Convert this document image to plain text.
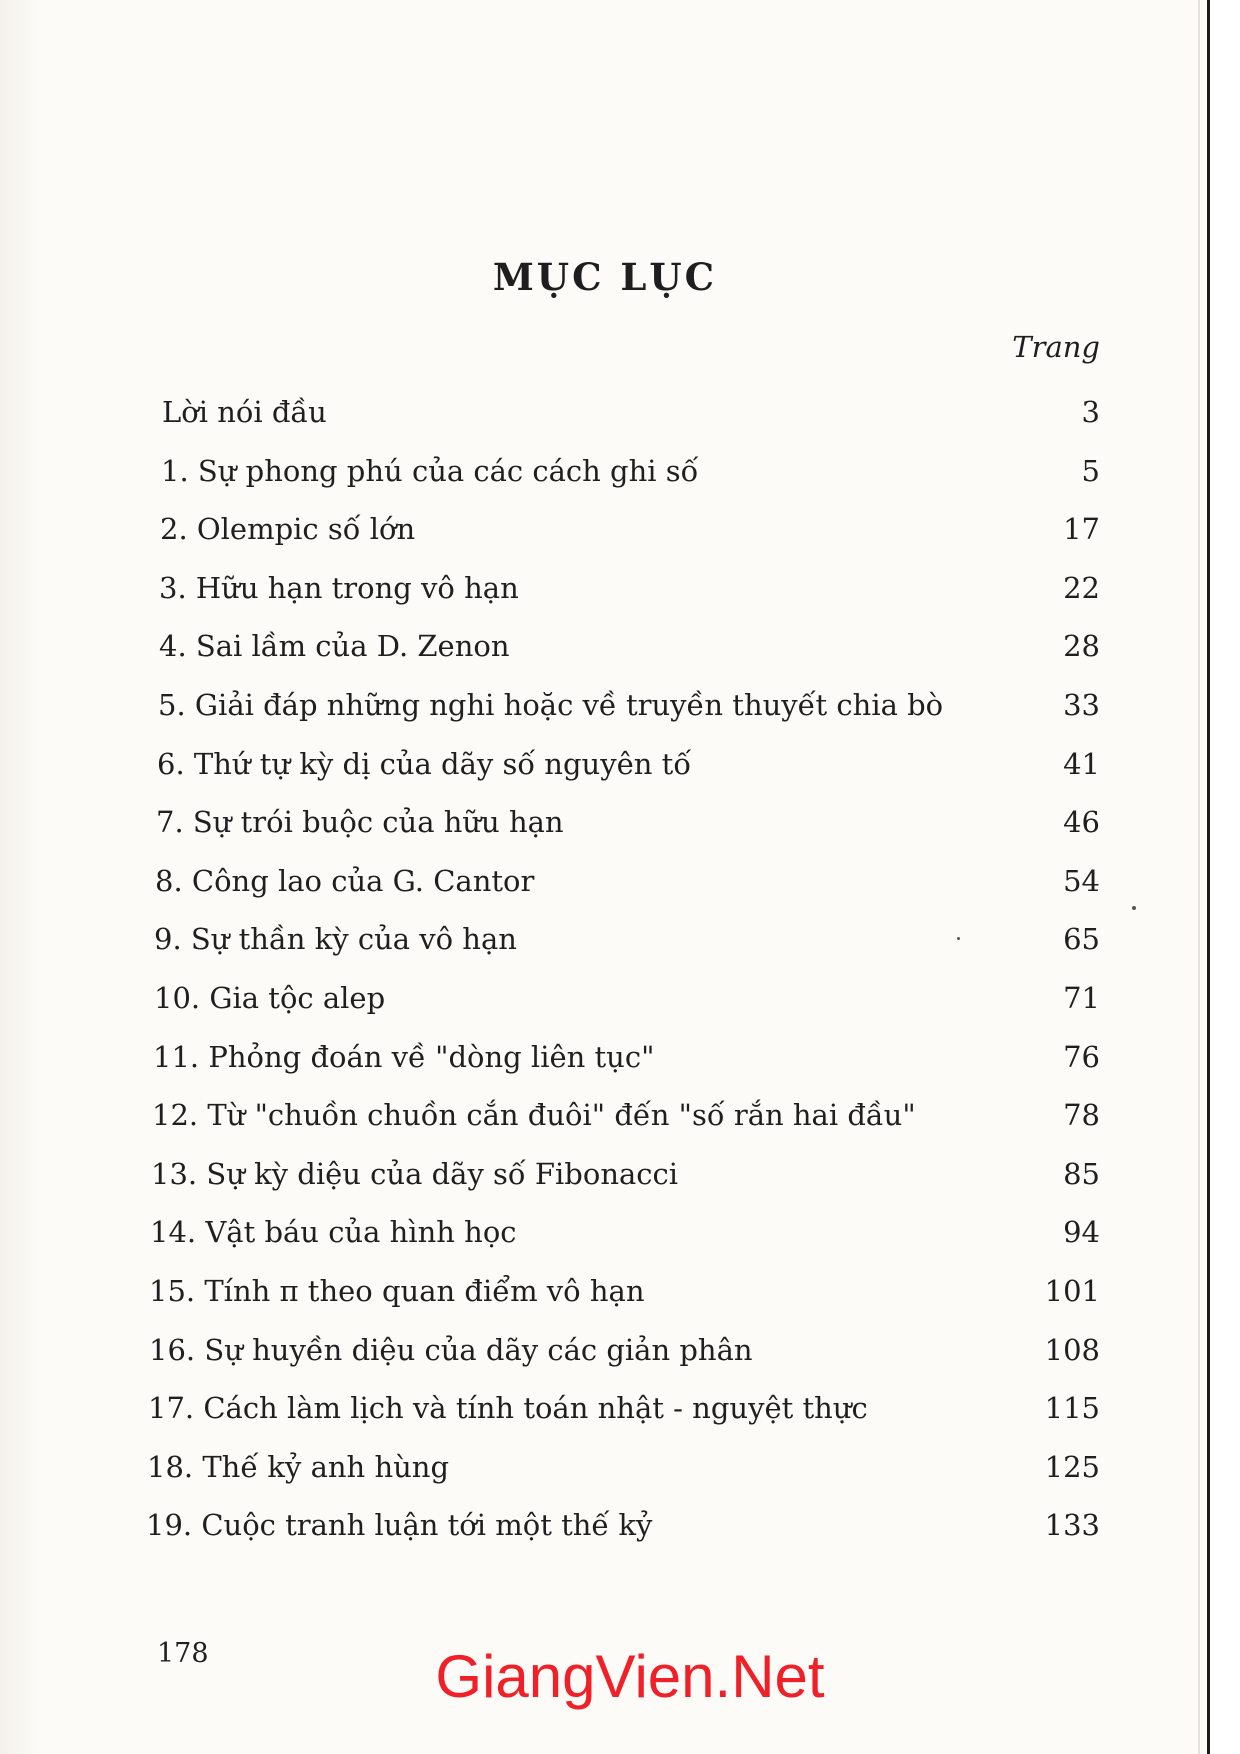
MỤC LỤC
Trang
Lời nói đầu	3
1. Sự phong phú của các cách ghi số	5
2. Olempic số lớn	17
3. Hữu hạn trong vô hạn	22
4. Sai lầm của D. Zenon	28
5. Giải đáp những nghi hoặc về truyền thuyết chia bò	33
6. Thứ tự kỳ dị của dãy số nguyên tố	41
7. Sự trói buộc của hữu hạn	46
8. Công lao của G. Cantor	54
9. Sự thần kỳ của vô hạn	65
10. Gia tộc alep	71
11. Phỏng đoán về "dòng liên tục"	76
12. Từ "chuồn chuồn cắn đuôi" đến "số rắn hai đầu"	78
13. Sự kỳ diệu của dãy số Fibonacci	85
14. Vật báu của hình học	94
15. Tính π theo quan điểm vô hạn	101
16. Sự huyền diệu của dãy các giản phân	108
17. Cách làm lịch và tính toán nhật - nguyệt thực	115
18. Thế kỷ anh hùng	125
19. Cuộc tranh luận tới một thế kỷ	133
178	GiangVien.Net
